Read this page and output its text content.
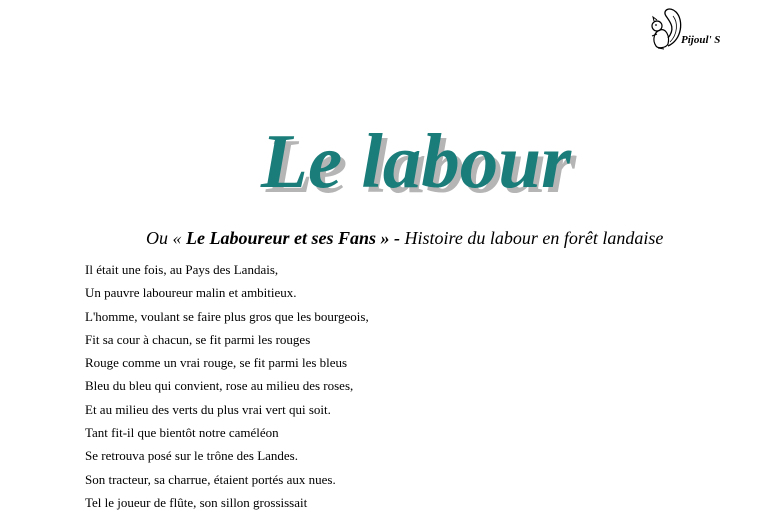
Pijoul' S
Le labour
Ou « Le Laboureur et ses Fans » - Histoire du labour en forêt landaise
Il était une fois, au Pays des Landais,
Un pauvre laboureur malin et ambitieux.
L'homme, voulant se faire plus gros que les bourgeois,
Fit sa cour à chacun, se fit parmi les rouges
Rouge comme un vrai rouge, se fit parmi les bleus
Bleu du bleu qui convient, rose au milieu des roses,
Et au milieu des verts du plus vrai vert qui soit.
Tant fit-il que bientôt notre caméléon
Se retrouva posé sur le trône des Landes.
Son tracteur, sa charrue, étaient portés aux nues.
Tel le joueur de flûte, son sillon grossissait
